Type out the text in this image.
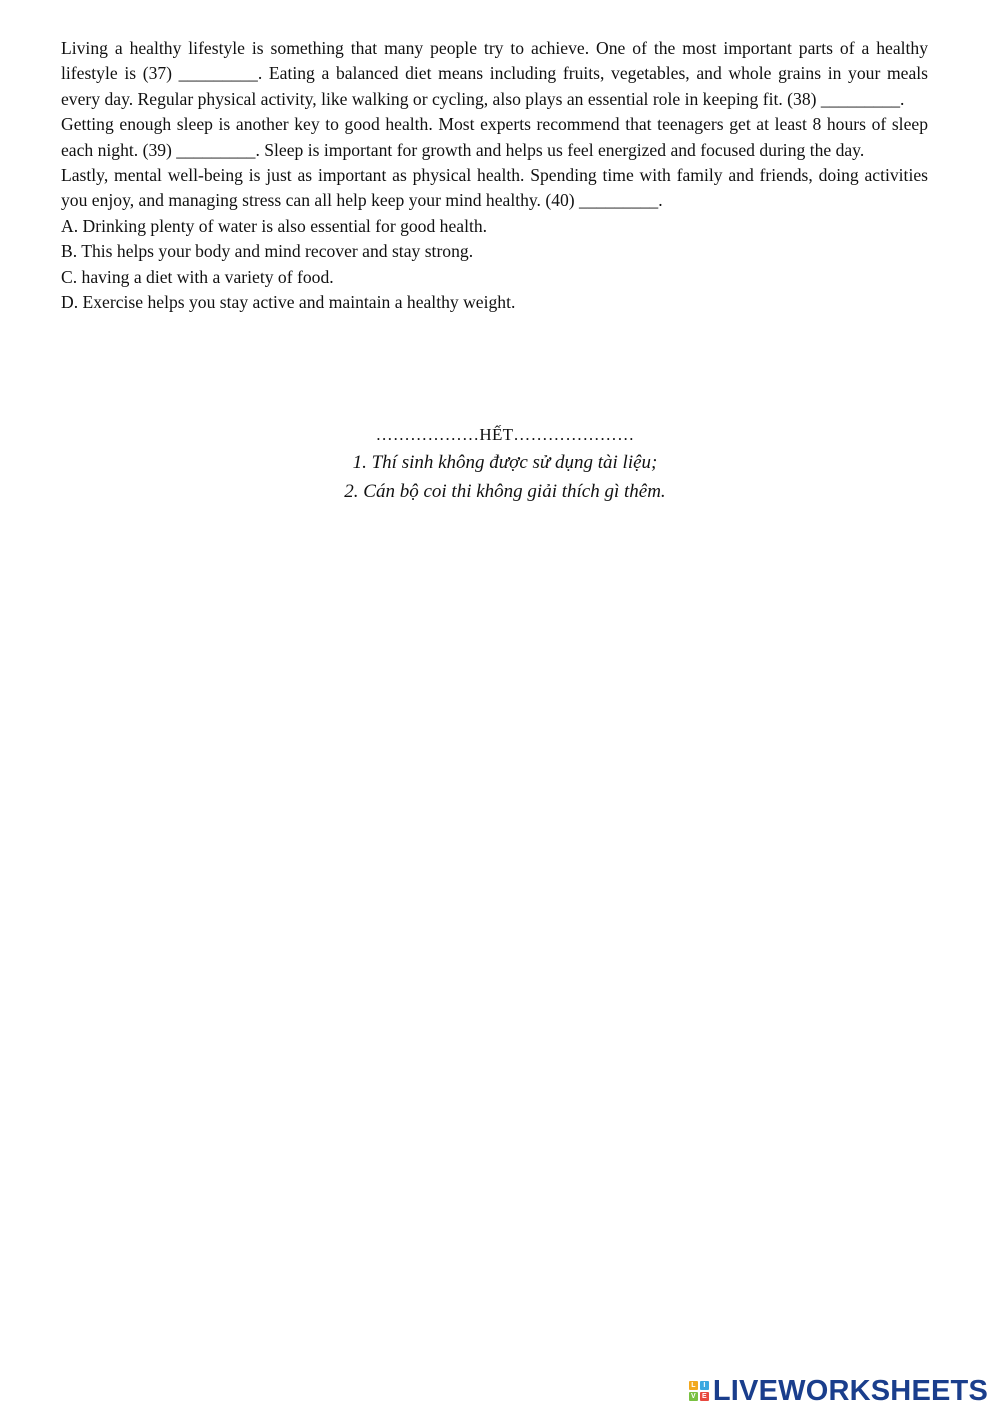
Living a healthy lifestyle is something that many people try to achieve. One of the most important parts of a healthy lifestyle is (37) _________. Eating a balanced diet means including fruits, vegetables, and whole grains in your meals every day. Regular physical activity, like walking or cycling, also plays an essential role in keeping fit. (38) _________.

Getting enough sleep is another key to good health. Most experts recommend that teenagers get at least 8 hours of sleep each night. (39) _________. Sleep is important for growth and helps us feel energized and focused during the day.

Lastly, mental well-being is just as important as physical health. Spending time with family and friends, doing activities you enjoy, and managing stress can all help keep your mind healthy. (40) _________.

A. Drinking plenty of water is also essential for good health.

B. This helps your body and mind recover and stay strong.

C. having a diet with a variety of food.

D. Exercise helps you stay active and maintain a healthy weight.

………………HẾT…………………
1. Thí sinh không được sử dụng tài liệu;
2. Cán bộ coi thi không giải thích gì thêm.
L	I
V E LIVEWORKSHEETS
